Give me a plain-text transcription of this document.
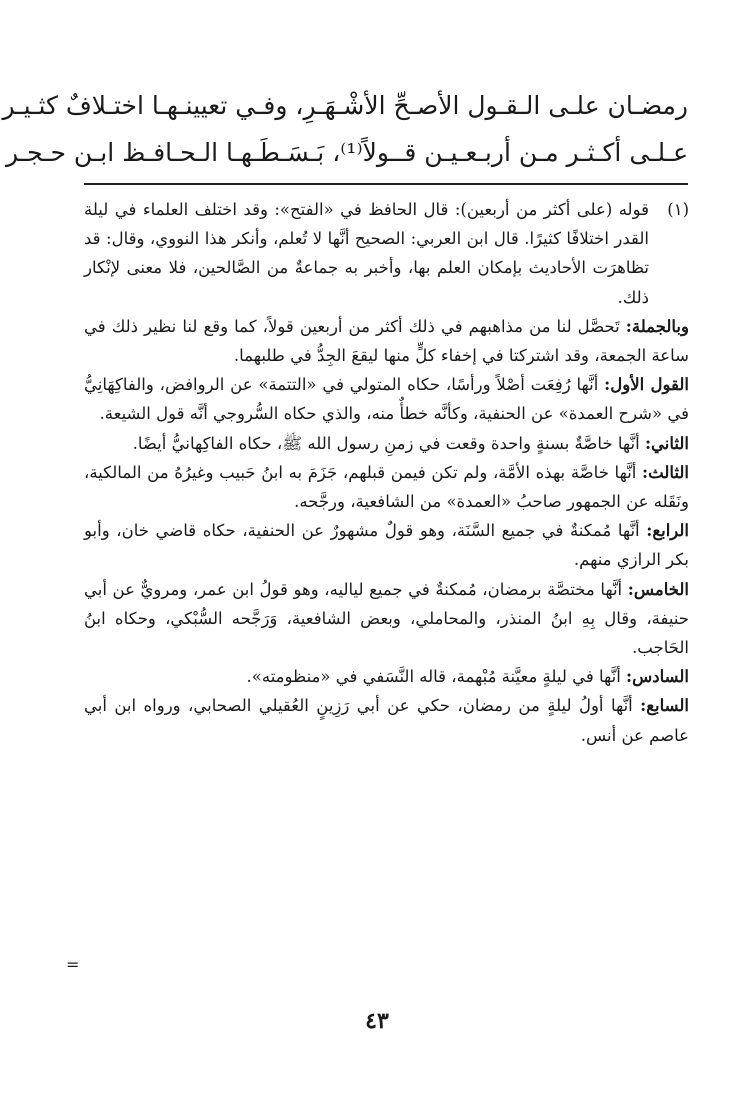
رمضـان علـى الـقـول الأصـحِّ الأشْـهَـرِ، وفـي تعيينـهـا اختـلافٌ كثـيـر
عـلـى أكـثـر مـن أربـعـيـن قــولاً⁽¹⁾، بَـسَـطَـهـا الـحـافـظ ابـن حـجـر
(١)
قوله (على أكثر من أربعين): قال الحافظ في «الفتح»: وقد اختلف العلماء في ليلة القدر اختلافًا كثيرًا. قال ابن العربي: الصحيح أنَّها لا تُعلم، وأنكر هذا النووي، وقال: قد تظاهرَت الأحاديث بإمكان العلم بها، وأخبر به جماعةٌ من الصَّالحين، فلا معنى لإنْكار ذلك.

وبالجملة: تَحصَّل لنا من مذاهبهم في ذلك أكثر من أربعين قولاً، كما وقع لنا نظير ذلك في ساعة الجمعة، وقد اشتركتا في إخفاء كلٍّ منها ليقعَ الجِدُّ في طلبهما.

القول الأول: أنَّها رُفِعَت أصْلاً ورأسًا، حكاه المتولي في «التتمة» عن الروافض، والفاكِهَانِيُّ في «شرح العمدة» عن الحنفية، وكأنَّه خطأٌ منه، والذي حكاه السُّروجي أنَّه قول الشيعة.

الثاني: أنَّها خاصَّةٌ بسنةٍ واحدة وقعت في زمنِ رسول الله ﷺ، حكاه الفاكِهانيُّ أيضًا.

الثالث: أنَّها خاصَّة بهذه الأمَّة، ولم تكن فيمن قبلهم، جَزَمَ به ابنُ حَبيب وغيرُهُ من المالكية، ونَقَله عن الجمهور صاحبُ «العمدة» من الشافعية، ورجَّحه.

الرابع: أنَّها مُمكنةٌ في جميع السَّنَة، وهو قولٌ مشهورٌ عن الحنفية، حكاه قاضي خان، وأبو بكر الرازي منهم.

الخامس: أنَّها مختصَّة برمضان، مُمكنةٌ في جميع لياليه، وهو قولُ ابن عمر، ومرويٌّ عن أبي حنيفة، وقال بِهِ ابنُ المنذر، والمحاملي، وبعض الشافعية، وَرَجَّحه السُّبْكي، وحكاه ابنُ الحَاجب.

السادس: أنَّها في ليلةٍ معيَّنة مُبْهمة، قاله النَّسَفي في «منظومته».

السابع: أنَّها أولُ ليلةٍ من رمضان، حكي عن أبي رَزِينٍ العُقيلي الصحابي، ورواه ابن أبي عاصم عن أنس.

=
٤٣
